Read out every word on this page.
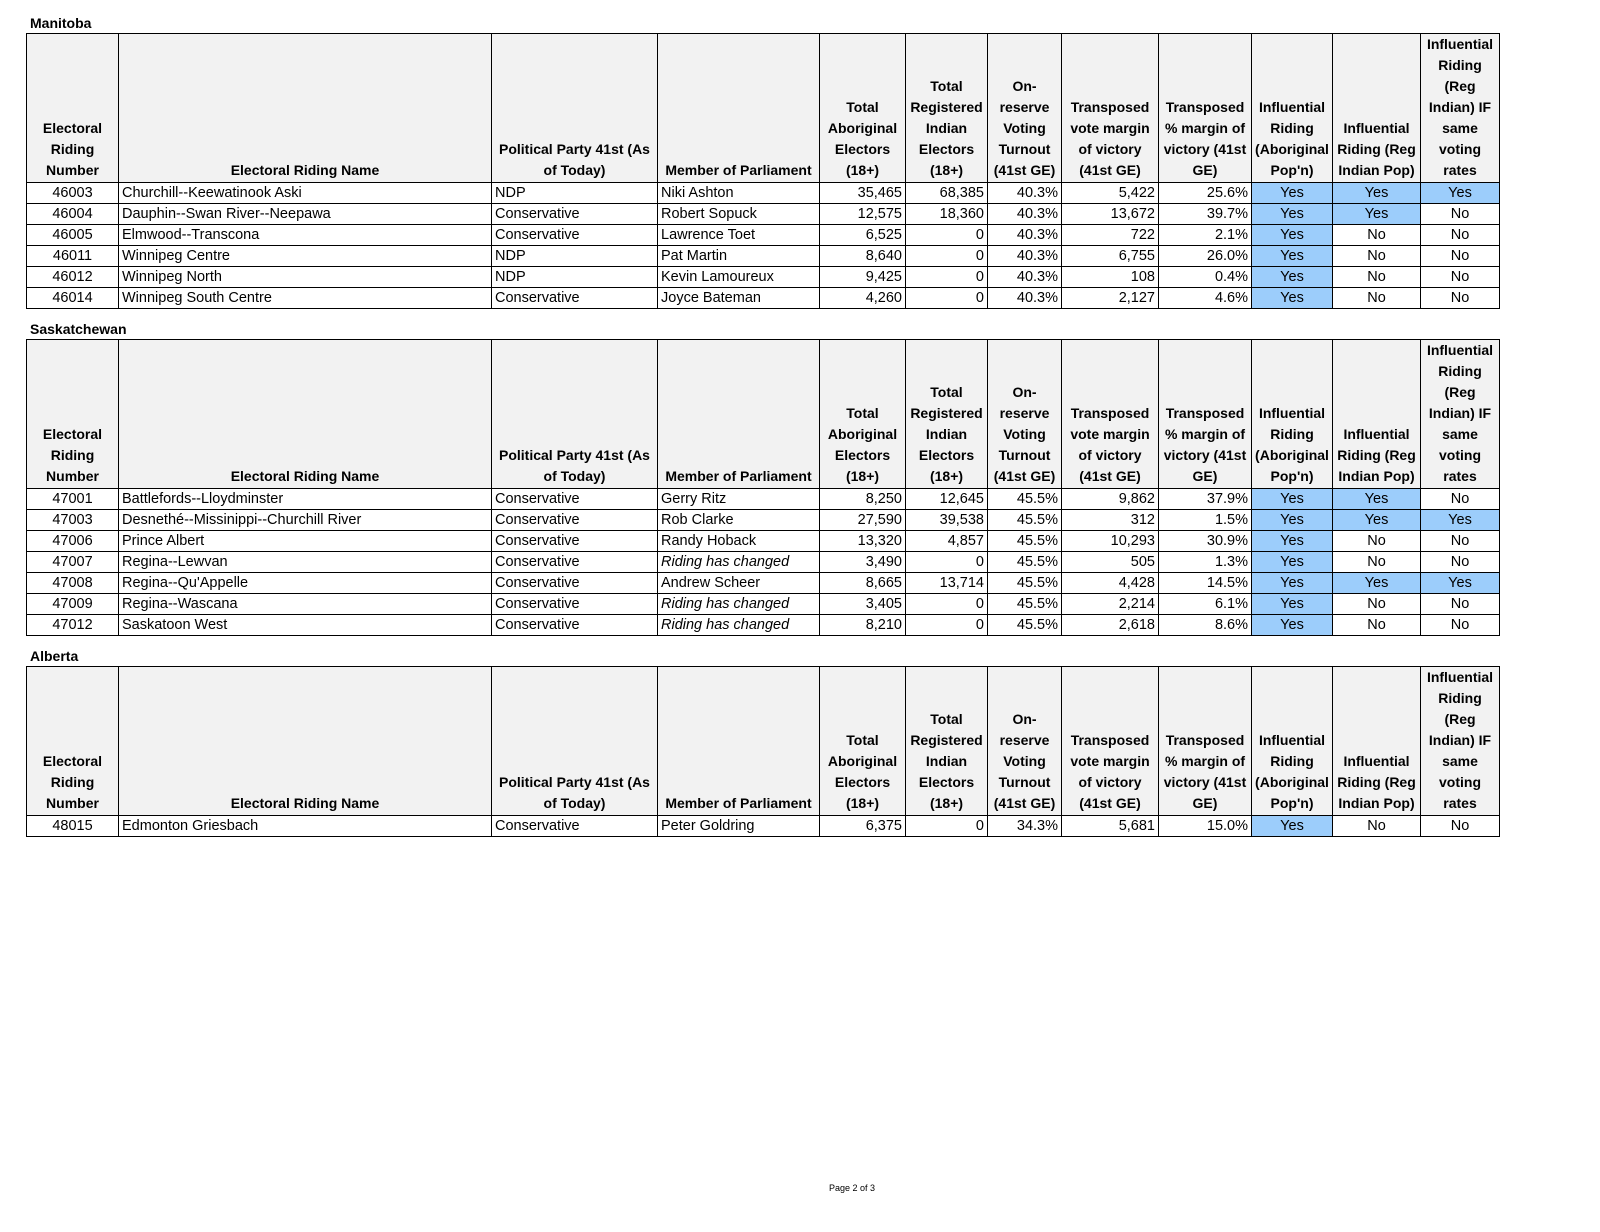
Manitoba
Electoral Riding Number	Electoral Riding Name	Political Party 41st (As of Today)	Member of Parliament	Total Aboriginal Electors (18+)	Total Registered Indian Electors (18+)	On-reserve Voting Turnout (41st GE)	Transposed vote margin of victory (41st GE)	Transposed % margin of victory (41st GE)	Influential Riding (Aboriginal Pop'n)	Influential Riding (Reg Indian Pop)	Influential Riding (Reg Indian) IF same voting rates
46003	Churchill--Keewatinook Aski	NDP	Niki Ashton	35,465	68,385	40.3%	5,422	25.6%	Yes	Yes	Yes
46004	Dauphin--Swan River--Neepawa	Conservative	Robert Sopuck	12,575	18,360	40.3%	13,672	39.7%	Yes	Yes	No
46005	Elmwood--Transcona	Conservative	Lawrence Toet	6,525	0	40.3%	722	2.1%	Yes	No	No
46011	Winnipeg Centre	NDP	Pat Martin	8,640	0	40.3%	6,755	26.0%	Yes	No	No
46012	Winnipeg North	NDP	Kevin Lamoureux	9,425	0	40.3%	108	0.4%	Yes	No	No
46014	Winnipeg South Centre	Conservative	Joyce Bateman	4,260	0	40.3%	2,127	4.6%	Yes	No	No
Saskatchewan
Electoral Riding Number	Electoral Riding Name	Political Party 41st (As of Today)	Member of Parliament	Total Aboriginal Electors (18+)	Total Registered Indian Electors (18+)	On-reserve Voting Turnout (41st GE)	Transposed vote margin of victory (41st GE)	Transposed % margin of victory (41st GE)	Influential Riding (Aboriginal Pop'n)	Influential Riding (Reg Indian Pop)	Influential Riding (Reg Indian) IF same voting rates
47001	Battlefords--Lloydminster	Conservative	Gerry Ritz	8,250	12,645	45.5%	9,862	37.9%	Yes	Yes	No
47003	Desnethé--Missinippi--Churchill River	Conservative	Rob Clarke	27,590	39,538	45.5%	312	1.5%	Yes	Yes	Yes
47006	Prince Albert	Conservative	Randy Hoback	13,320	4,857	45.5%	10,293	30.9%	Yes	No	No
47007	Regina--Lewvan	Conservative	Riding has changed	3,490	0	45.5%	505	1.3%	Yes	No	No
47008	Regina--Qu'Appelle	Conservative	Andrew Scheer	8,665	13,714	45.5%	4,428	14.5%	Yes	Yes	Yes
47009	Regina--Wascana	Conservative	Riding has changed	3,405	0	45.5%	2,214	6.1%	Yes	No	No
47012	Saskatoon West	Conservative	Riding has changed	8,210	0	45.5%	2,618	8.6%	Yes	No	No
Alberta
Electoral Riding Number	Electoral Riding Name	Political Party 41st (As of Today)	Member of Parliament	Total Aboriginal Electors (18+)	Total Registered Indian Electors (18+)	On-reserve Voting Turnout (41st GE)	Transposed vote margin of victory (41st GE)	Transposed % margin of victory (41st GE)	Influential Riding (Aboriginal Pop'n)	Influential Riding (Reg Indian Pop)	Influential Riding (Reg Indian) IF same voting rates
48015	Edmonton Griesbach	Conservative	Peter Goldring	6,375	0	34.3%	5,681	15.0%	Yes	No	No
Page 2 of 3
